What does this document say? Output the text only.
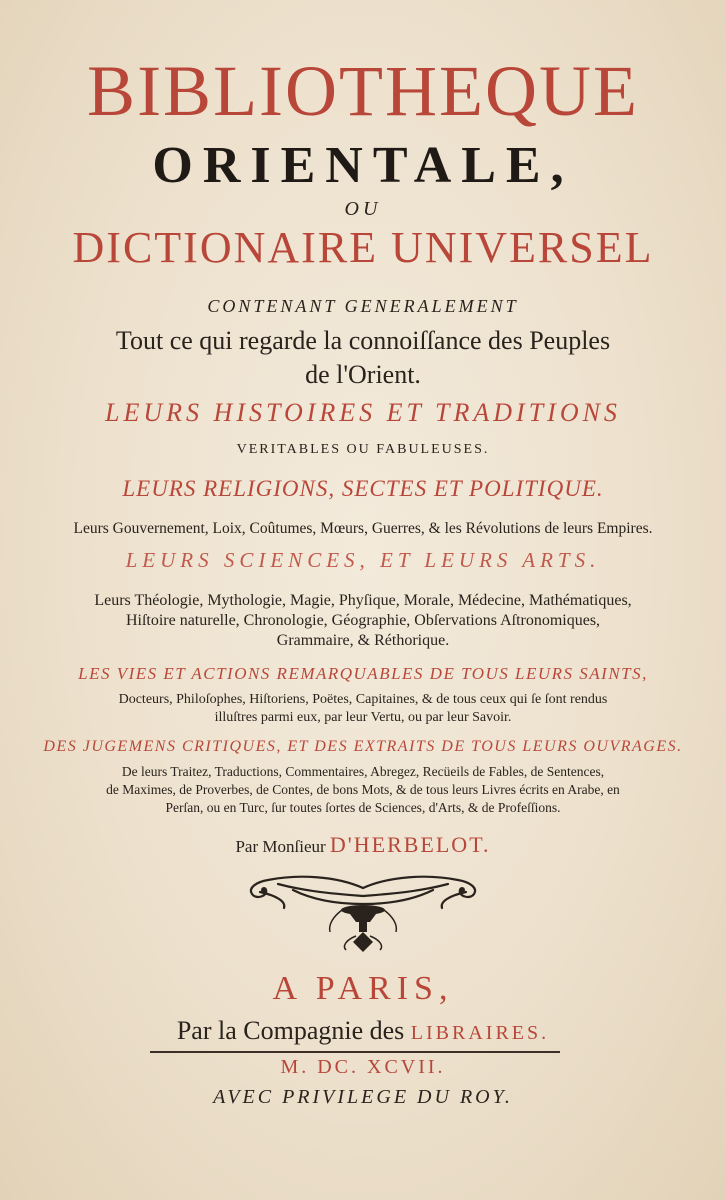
BIBLIOTHEQUE
ORIENTALE,
OU
DICTIONAIRE UNIVERSEL
CONTENANT GENERALEMENT
Tout ce qui regarde la connoiſſance des Peuples
de l'Orient.
LEURS HISTOIRES ET TRADITIONS
VERITABLES OU FABULEUSES.
LEURS RELIGIONS, SECTES ET POLITIQUE.
Leurs Gouvernement, Loix, Coûtumes, Mœurs, Guerres, & les Révolutions de leurs Empires.
LEURS SCIENCES, ET LEURS ARTS.
Leurs Théologie, Mythologie, Magie, Phyſique, Morale, Médecine, Mathématiques,
Hiſtoire naturelle, Chronologie, Géographie, Obſervations Aſtronomiques,
Grammaire, & Réthorique.
LES VIES ET ACTIONS REMARQUABLES DE TOUS LEURS SAINTS,
Docteurs, Philoſophes, Hiſtoriens, Poëtes, Capitaines, & de tous ceux qui ſe ſont rendus
illuſtres parmi eux, par leur Vertu, ou par leur Savoir.
DES JUGEMENS CRITIQUES, ET DES EXTRAITS DE TOUS LEURS OUVRAGES.
De leurs Traitez, Traductions, Commentaires, Abregez, Recüeils de Fables, de Sentences,
de Maximes, de Proverbes, de Contes, de bons Mots, & de tous leurs Livres écrits en Arabe, en
Perſan, ou en Turc, ſur toutes ſortes de Sciences, d'Arts, & de Profeſſions.
Par Monſieur D'HERBELOT.
A PARIS,
Par la Compagnie des LIBRAIRES.
M. DC. XCVII.
AVEC PRIVILEGE DU ROY.
